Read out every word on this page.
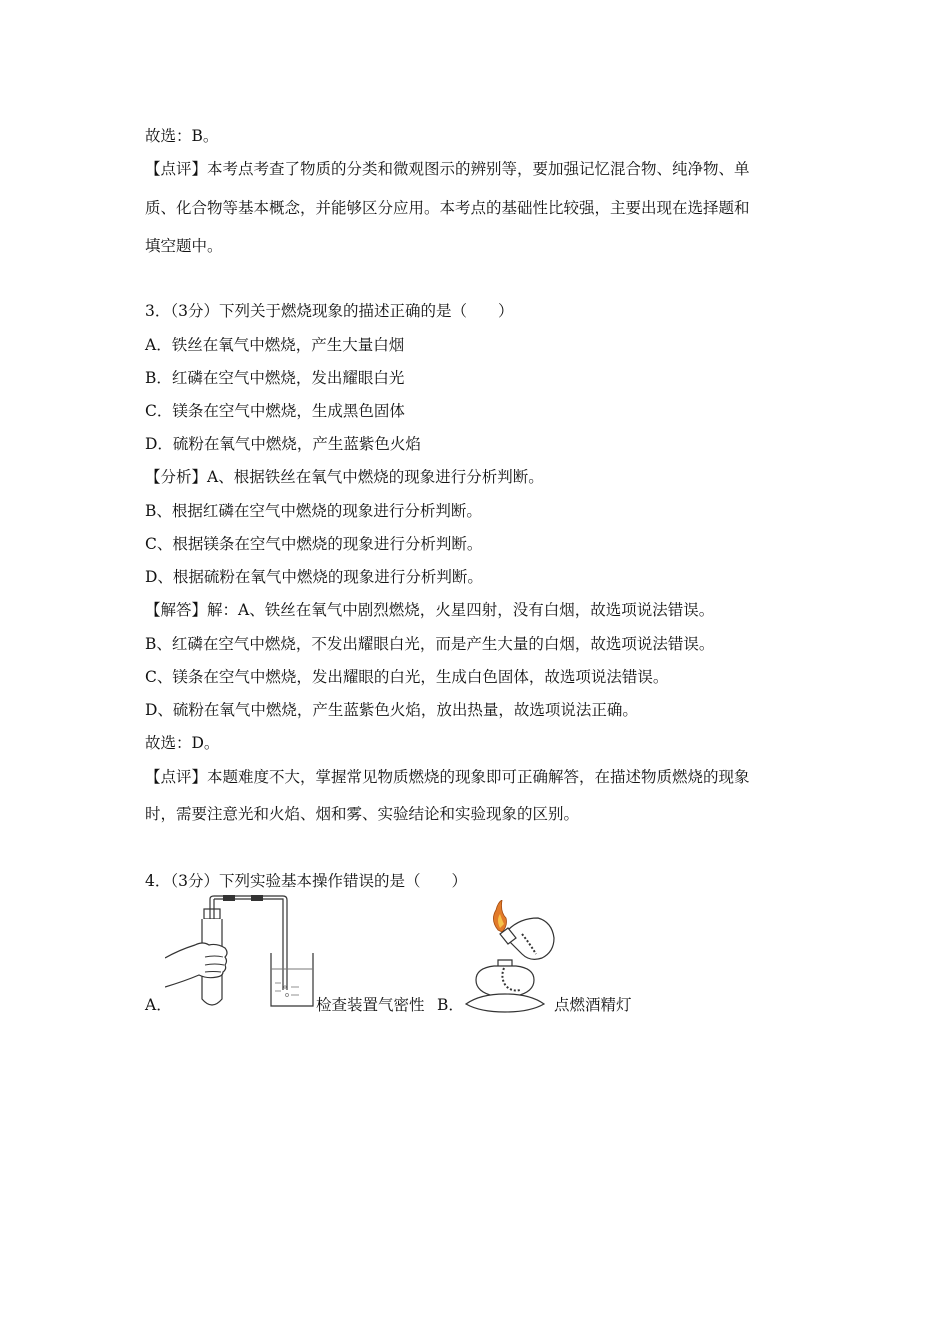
故选：B。
【点评】本考点考查了物质的分类和微观图示的辨别等，要加强记忆混合物、纯净物、单
质、化合物等基本概念，并能够区分应用。本考点的基础性比较强，主要出现在选择题和
填空题中。
3．（3分）下列关于燃烧现象的描述正确的是（　　）
A．铁丝在氧气中燃烧，产生大量白烟
B．红磷在空气中燃烧，发出耀眼白光
C．镁条在空气中燃烧，生成黑色固体
D．硫粉在氧气中燃烧，产生蓝紫色火焰
【分析】A、根据铁丝在氧气中燃烧的现象进行分析判断。
B、根据红磷在空气中燃烧的现象进行分析判断。
C、根据镁条在空气中燃烧的现象进行分析判断。
D、根据硫粉在氧气中燃烧的现象进行分析判断。
【解答】解：A、铁丝在氧气中剧烈燃烧，火星四射，没有白烟，故选项说法错误。
B、红磷在空气中燃烧，不发出耀眼白光，而是产生大量的白烟，故选项说法错误。
C、镁条在空气中燃烧，发出耀眼的白光，生成白色固体，故选项说法错误。
D、硫粉在氧气中燃烧，产生蓝紫色火焰，放出热量，故选项说法正确。
故选：D。
【点评】本题难度不大，掌握常见物质燃烧的现象即可正确解答，在描述物质燃烧的现象
时，需要注意光和火焰、烟和雾、实验结论和实验现象的区别。
4．（3分）下列实验基本操作错误的是（　　）
A．	检查装置气密性 B．	点燃酒精灯
